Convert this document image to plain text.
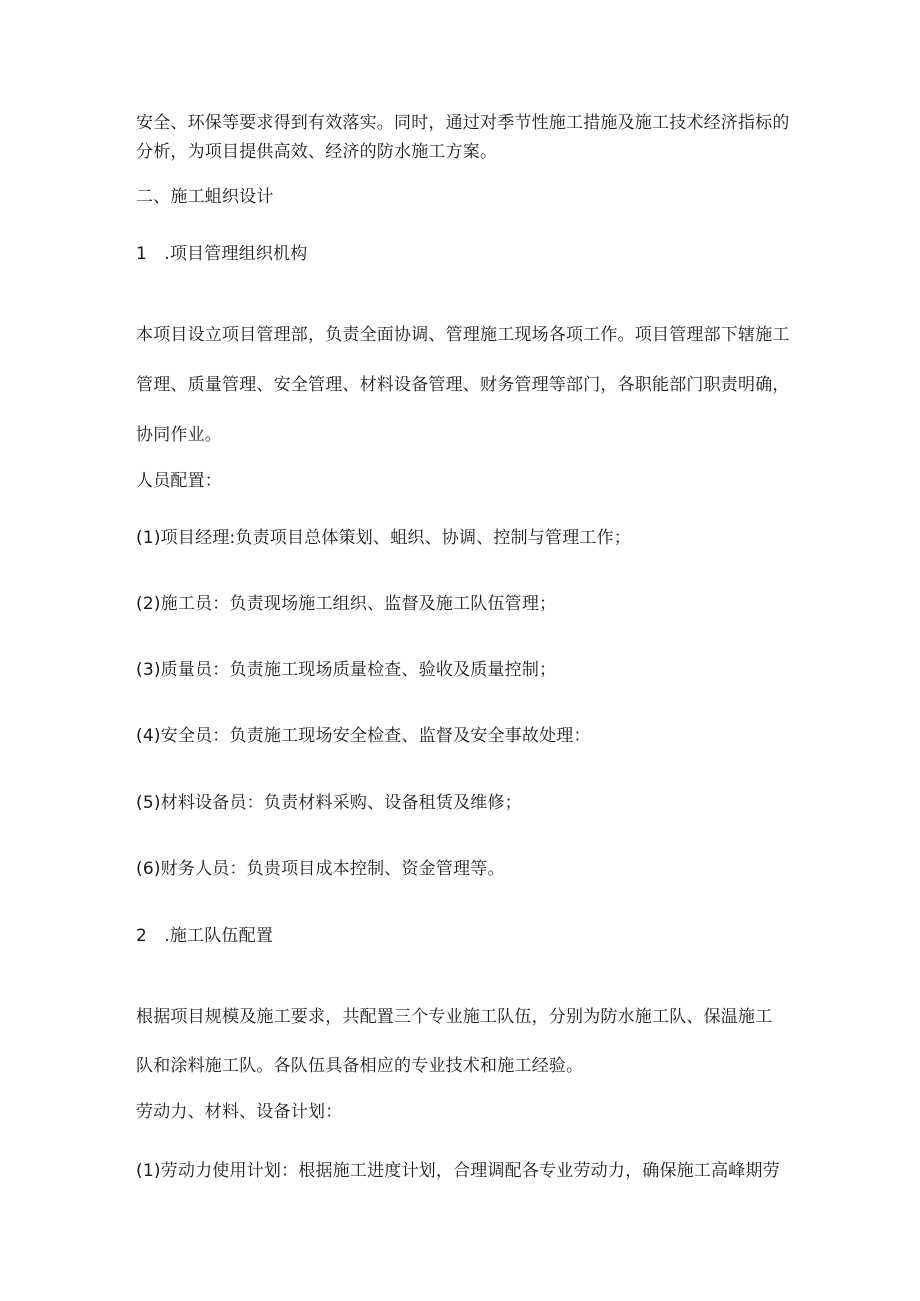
安全、环保等要求得到有效落实。同时，通过对季节性施工措施及施工技术经济指标的
分析，为项目提供高效、经济的防水施工方案。
二、施工蛆织设计
1　.项目管理组织机构
本项目设立项目管理部，负责全面协调、管理施工现场各项工作。项目管理部下辖施工
管理、质量管理、安全管理、材料设备管理、财务管理等部门，各职能部门职责明确，
协同作业。
人员配置：
(1)项目经理:负责项目总体策划、蛆织、协调、控制与管理工作；
(2)施工员：负责现场施工组织、监督及施工队伍管理；
(3)质量员：负责施工现场质量检查、验收及质量控制；
(4)安全员：负责施工现场安全检查、监督及安全事故处理：
(5)材料设备员：负责材料采购、设备租赁及维修；
(6)财务人员：负贵项目成本控制、资金管理等。
2　.施工队伍配置
根据项目规模及施工要求，共配置三个专业施工队伍，分别为防水施工队、保温施工
队和涂料施工队。各队伍具备相应的专业技术和施工经验。
劳动力、材料、设备计划：
(1)劳动力使用计划：根据施工进度计划，合理调配各专业劳动力，确保施工高峰期劳
